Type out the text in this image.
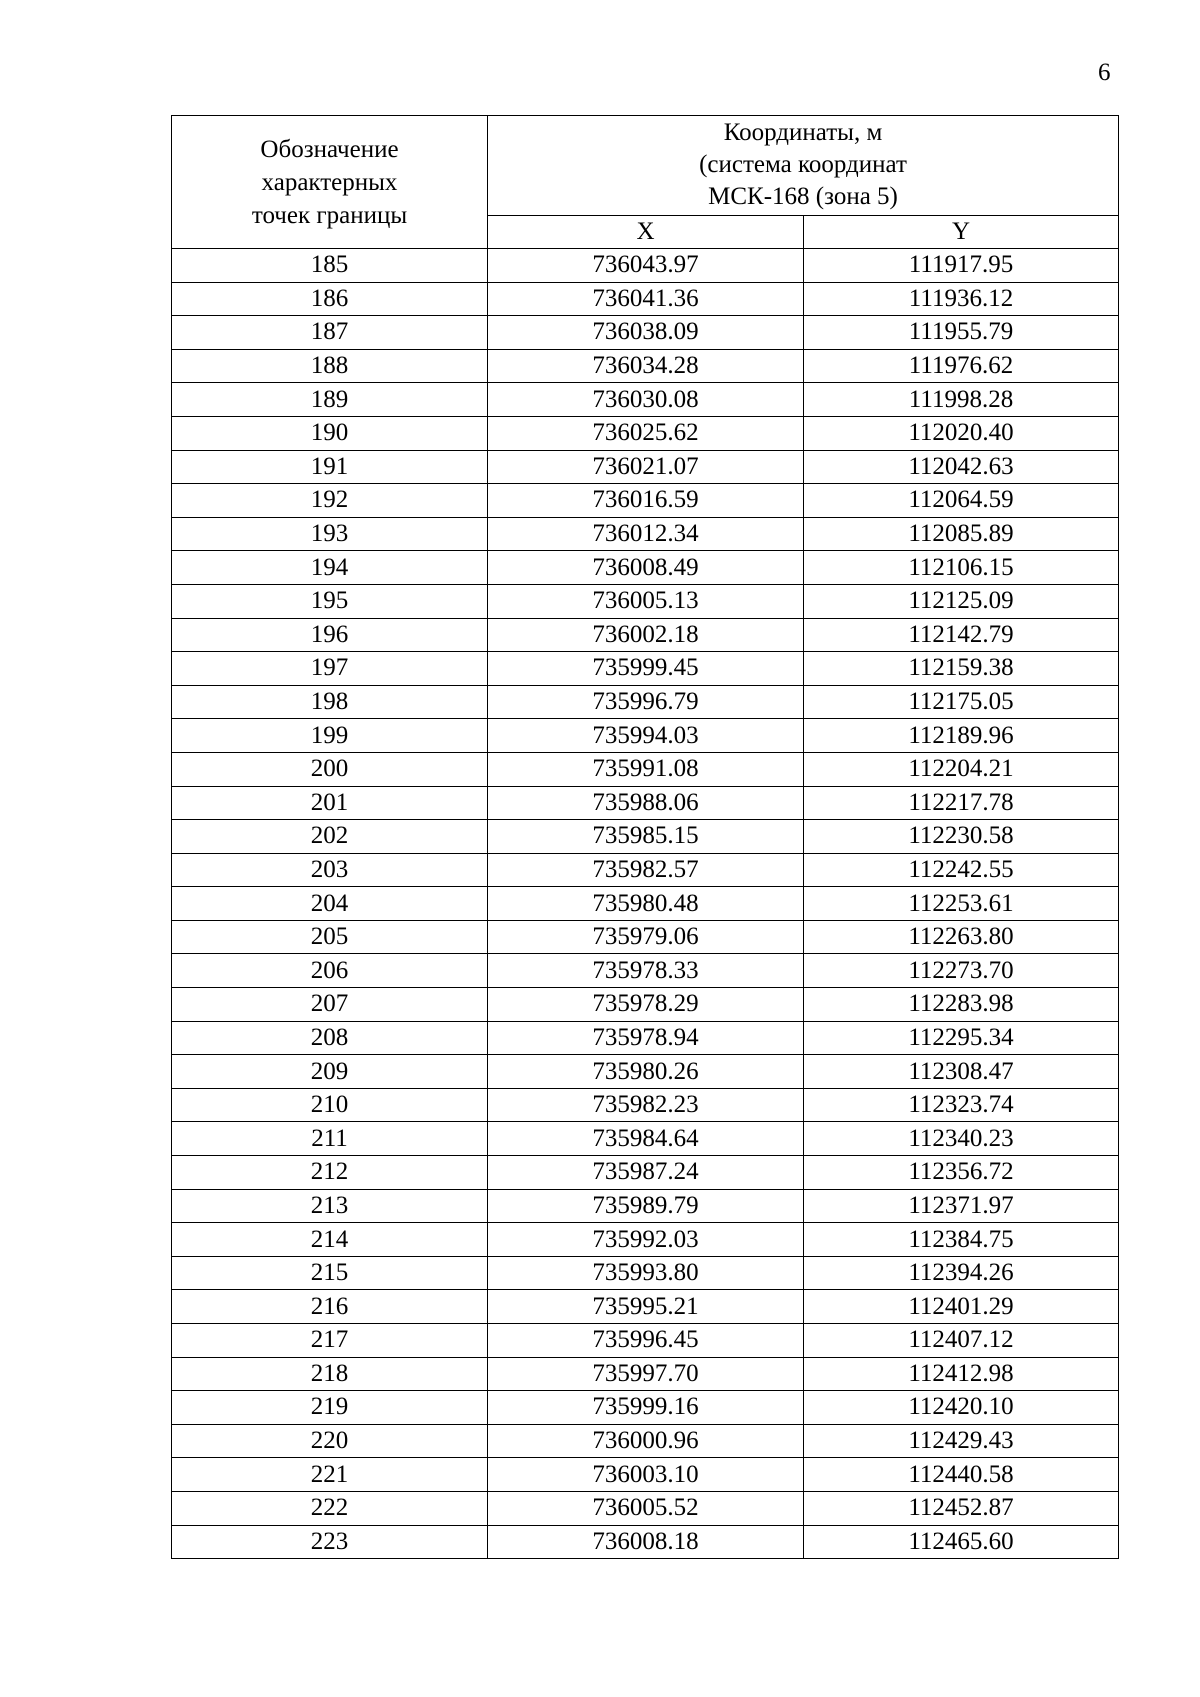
6
Обозначение
характерных
точек границы	Координаты, м
(система координат
МСК-168 (зона 5)	

	X	Y
185	736043.97	111917.95
186	736041.36	111936.12
187	736038.09	111955.79
188	736034.28	111976.62
189	736030.08	111998.28
190	736025.62	112020.40
191	736021.07	112042.63
192	736016.59	112064.59
193	736012.34	112085.89
194	736008.49	112106.15
195	736005.13	112125.09
196	736002.18	112142.79
197	735999.45	112159.38
198	735996.79	112175.05
199	735994.03	112189.96
200	735991.08	112204.21
201	735988.06	112217.78
202	735985.15	112230.58
203	735982.57	112242.55
204	735980.48	112253.61
205	735979.06	112263.80
206	735978.33	112273.70
207	735978.29	112283.98
208	735978.94	112295.34
209	735980.26	112308.47
210	735982.23	112323.74
211	735984.64	112340.23
212	735987.24	112356.72
213	735989.79	112371.97
214	735992.03	112384.75
215	735993.80	112394.26
216	735995.21	112401.29
217	735996.45	112407.12
218	735997.70	112412.98
219	735999.16	112420.10
220	736000.96	112429.43
221	736003.10	112440.58
222	736005.52	112452.87
223	736008.18	112465.60
